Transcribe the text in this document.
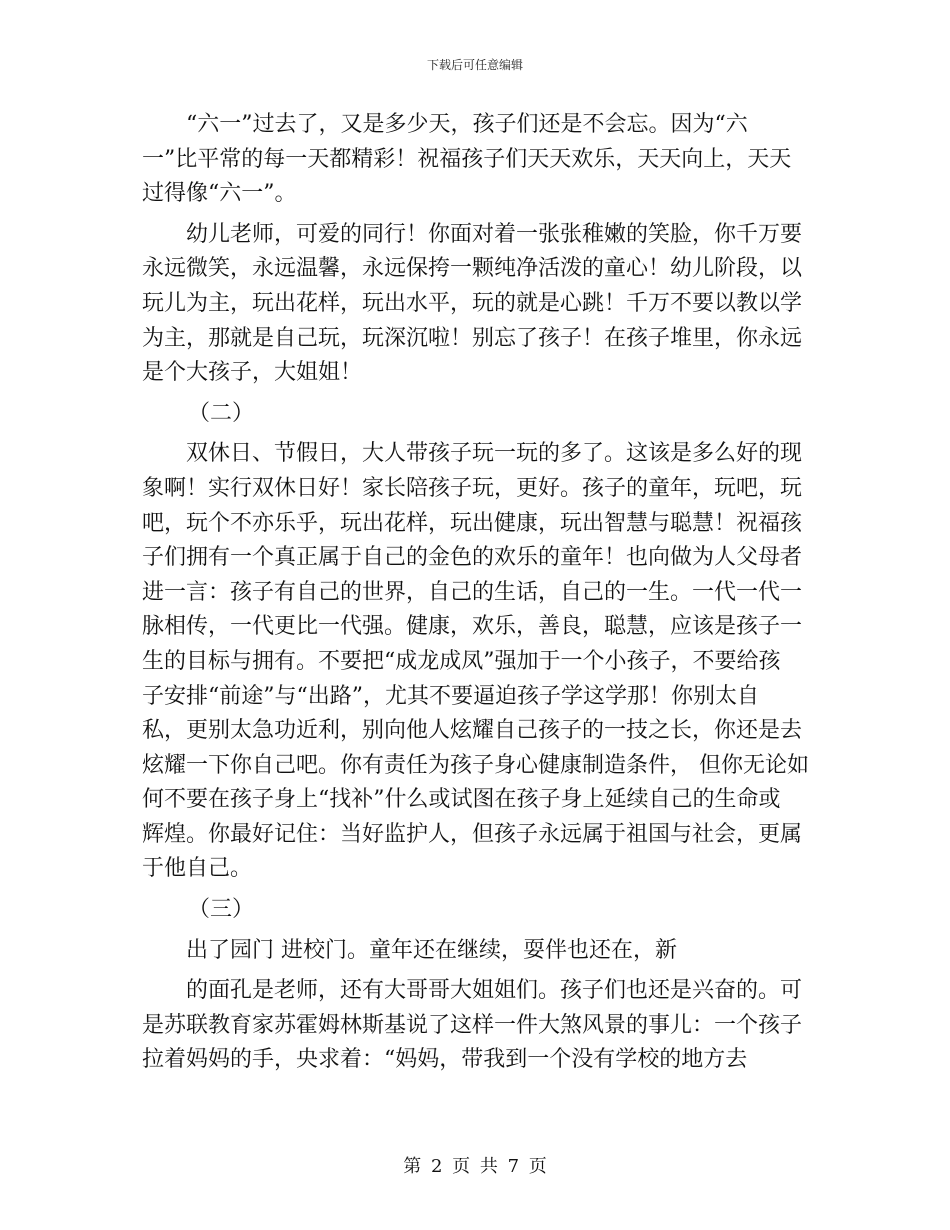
下载后可任意编辑
“六一”过去了，又是多少天，孩子们还是不会忘。因为“六
一”比平常的每一天都精彩！祝福孩子们天天欢乐，天天向上，天天
过得像“六一”。
幼儿老师，可爱的同行！你面对着一张张稚嫩的笑脸，你千万要
永远微笑，永远温馨，永远保挎一颗纯净活泼的童心！幼儿阶段，以
玩儿为主，玩出花样，玩出水平，玩的就是心跳！千万不要以教以学
为主，那就是自己玩，玩深沉啦！别忘了孩子！在孩子堆里，你永远
是个大孩子，大姐姐！
（二）
双休日、节假日，大人带孩子玩一玩的多了。这该是多么好的现
象啊！实行双休日好！家长陪孩子玩，更好。孩子的童年，玩吧，玩
吧，玩个不亦乐乎，玩出花样，玩出健康，玩出智慧与聪慧！祝福孩
子们拥有一个真正属于自己的金色的欢乐的童年！也向做为人父母者
进一言：孩子有自己的世界，自己的生话，自己的一生。一代一代一
脉相传，一代更比一代强。健康，欢乐，善良，聪慧，应该是孩子一
生的目标与拥有。不要把“成龙成凤”强加于一个小孩子，不要给孩
子安排“前途”与“出路”，尤其不要逼迫孩子学这学那！你别太自
私，更别太急功近利，别向他人炫耀自己孩子的一技之长，你还是去
炫耀一下你自己吧。你有责任为孩子身心健康制造条件， 但你无论如
何不要在孩子身上“找补”什么或试图在孩子身上延续自己的生命或
辉煌。你最好记住：当好监护人，但孩子永远属于祖国与社会，更属
于他自己。
（三）
出了园门 进校门。童年还在继续，耍伴也还在，新
的面孔是老师，还有大哥哥大姐姐们。孩子们也还是兴奋的。可
是苏联教育家苏霍姆林斯基说了这样一件大煞风景的事儿：一个孩子
拉着妈妈的手，央求着：“妈妈，带我到一个没有学校的地方去
第 2 页 共 7 页
